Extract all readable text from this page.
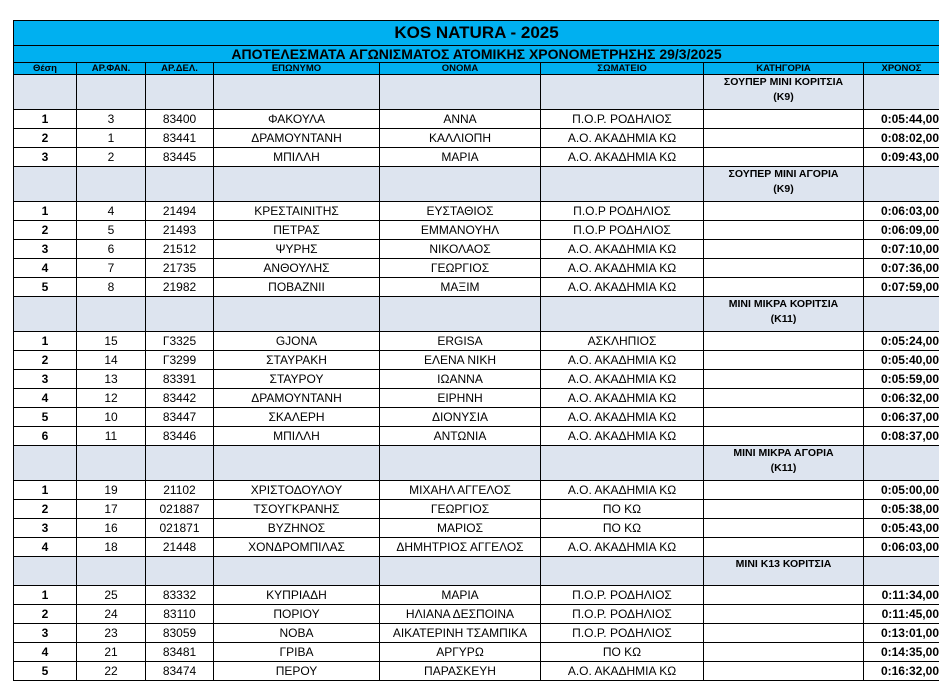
KOS NATURA - 2025							
ΑΠΟΤΕΛΕΣΜΑΤΑ ΑΓΩΝΙΣΜΑΤΟΣ ΑΤΟΜΙΚΗΣ ΧΡΟΝΟΜΕΤΡΗΣΗΣ 29/3/2025							
Θέση	ΑΡ.ΦΑΝ.	ΑΡ.ΔΕΛ.	ΕΠΩΝΥΜΟ	ΟΝΟΜΑ	ΣΩΜΑΤΕΙΟ	ΚΑΤΗΓΟΡΙΑ	ΧΡΟΝΟΣ

						ΣΟΥΠΕΡ ΜΙΝΙ ΚΟΡΙΤΣΙΑ
(Κ9)	

1	3	83400	ΦΑΚΟΥΛΑ	ΑΝΝΑ	Π.Ο.Ρ. ΡΟΔΗΛΙΟΣ		0:05:44,00
2	1	83441	ΔΡΑΜΟΥΝΤΑΝΗ	ΚΑΛΛΙΟΠΗ	Α.Ο. ΑΚΑΔΗΜΙΑ ΚΩ		0:08:02,00
3	2	83445	ΜΠΙΛΛΗ	ΜΑΡΙΑ	Α.Ο. ΑΚΑΔΗΜΙΑ ΚΩ		0:09:43,00

						ΣΟΥΠΕΡ ΜΙΝΙ ΑΓΟΡΙΑ
(Κ9)	

1	4	21494	ΚΡΕΣΤΑΙΝΙΤΗΣ	ΕΥΣΤΑΘΙΟΣ	Π.Ο.Ρ ΡΟΔΗΛΙΟΣ		0:06:03,00
2	5	21493	ΠΕΤΡΑΣ	ΕΜΜΑΝΟΥΗΛ	Π.Ο.Ρ ΡΟΔΗΛΙΟΣ		0:06:09,00
3	6	21512	ΨΥΡΗΣ	ΝΙΚΟΛΑΟΣ	Α.Ο. ΑΚΑΔΗΜΙΑ ΚΩ		0:07:10,00
4	7	21735	ΑΝΘΟΥΛΗΣ	ΓΕΩΡΓΙΟΣ	Α.Ο. ΑΚΑΔΗΜΙΑ ΚΩ		0:07:36,00
5	8	21982	ΠΟΒΑΖΝΙΙ	ΜΑΞΙΜ	Α.Ο. ΑΚΑΔΗΜΙΑ ΚΩ		0:07:59,00

						ΜΙΝΙ ΜΙΚΡΑ ΚΟΡΙΤΣΙΑ
(Κ11)	

1	15	Γ3325	GJONA	ERGISA	ΑΣΚΛΗΠΙΟΣ		0:05:24,00
2	14	Γ3299	ΣΤΑΥΡΑΚΗ	ΕΛΕΝΑ ΝΙΚΗ	Α.Ο. ΑΚΑΔΗΜΙΑ ΚΩ		0:05:40,00
3	13	83391	ΣΤΑΥΡΟΥ	ΙΩΑΝΝΑ	Α.Ο. ΑΚΑΔΗΜΙΑ ΚΩ		0:05:59,00
4	12	83442	ΔΡΑΜΟΥΝΤΑΝΗ	ΕΙΡΗΝΗ	Α.Ο. ΑΚΑΔΗΜΙΑ ΚΩ		0:06:32,00
5	10	83447	ΣΚΑΛΕΡΗ	ΔΙΟΝΥΣΙΑ	Α.Ο. ΑΚΑΔΗΜΙΑ ΚΩ		0:06:37,00
6	11	83446	ΜΠΙΛΛΗ	ΑΝΤΩΝΙΑ	Α.Ο. ΑΚΑΔΗΜΙΑ ΚΩ		0:08:37,00

						ΜΙΝΙ ΜΙΚΡΑ ΑΓΟΡΙΑ
(Κ11)	

1	19	21102	ΧΡΙΣΤΟΔΟΥΛΟΥ	ΜΙΧΑΗΛ ΑΓΓΕΛΟΣ	Α.Ο. ΑΚΑΔΗΜΙΑ ΚΩ		0:05:00,00
2	17	021887	ΤΣΟΥΓΚΡΑΝΗΣ	ΓΕΩΡΓΙΟΣ	ΠΟ ΚΩ		0:05:38,00
3	16	021871	ΒΥΖΗΝΟΣ	ΜΑΡΙΟΣ	ΠΟ ΚΩ		0:05:43,00
4	18	21448	ΧΟΝΔΡΟΜΠΙΛΑΣ	ΔΗΜΗΤΡΙΟΣ ΑΓΓΕΛΟΣ	Α.Ο. ΑΚΑΔΗΜΙΑ ΚΩ		0:06:03,00

						ΜΙΝΙ Κ13 ΚΟΡΙΤΣΙΑ	

1	25	83332	ΚΥΠΡΙΑΔΗ	ΜΑΡΙΑ	Π.Ο.Ρ. ΡΟΔΗΛΙΟΣ		0:11:34,00
2	24	83110	ΠΟΡΙΟΥ	ΗΛΙΑΝΑ ΔΕΣΠΟΙΝΑ	Π.Ο.Ρ. ΡΟΔΗΛΙΟΣ		0:11:45,00
3	23	83059	ΝΟΒΑ	ΑΙΚΑΤΕΡΙΝΗ ΤΣΑΜΠΙΚΑ	Π.Ο.Ρ. ΡΟΔΗΛΙΟΣ		0:13:01,00
4	21	83481	ΓΡΙΒΑ	ΑΡΓΥΡΩ	ΠΟ ΚΩ		0:14:35,00
5	22	83474	ΠΕΡΟΥ	ΠΑΡΑΣΚΕΥΗ	Α.Ο. ΑΚΑΔΗΜΙΑ ΚΩ		0:16:32,00
